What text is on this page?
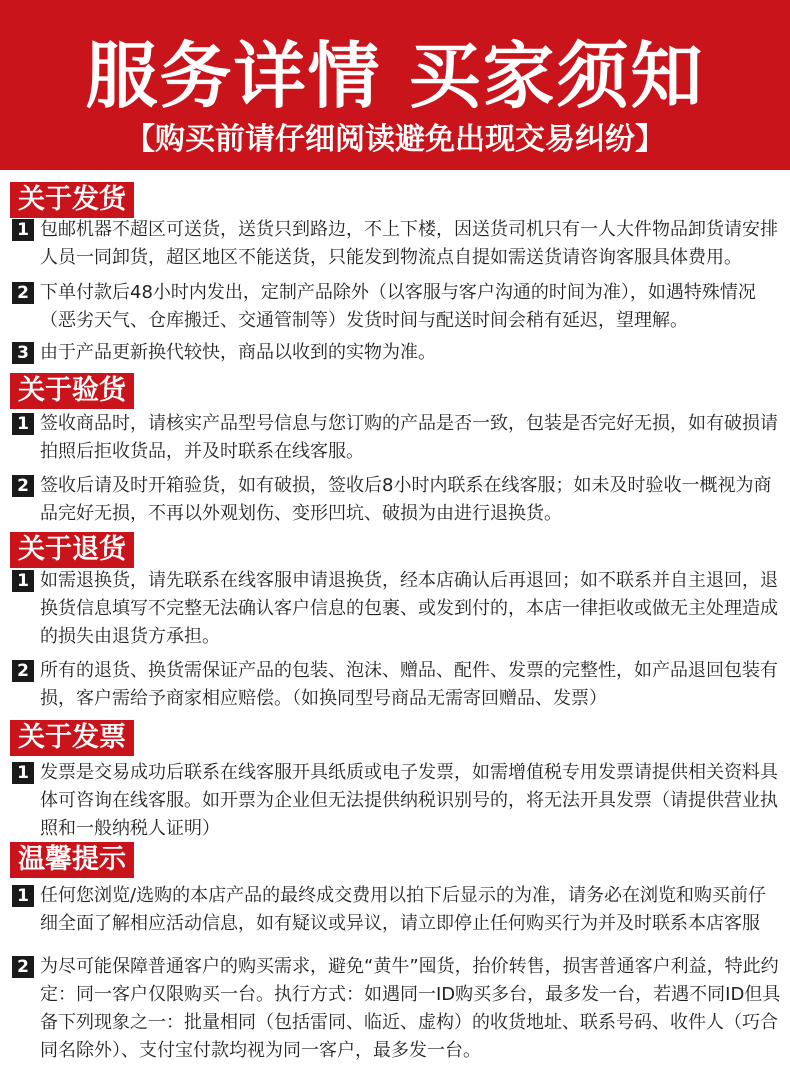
服务详情 买家须知
【购买前请仔细阅读避免出现交易纠纷】
关于发货
1 包邮机器不超区可送货，送货只到路边，不上下楼，因送货司机只有一人大件物品卸货请安排人员一同卸货，超区地区不能送货，只能发到物流点自提如需送货请咨询客服具体费用。
2 下单付款后48小时内发出，定制产品除外（以客服与客户沟通的时间为准），如遇特殊情况（恶劣天气、仓库搬迁、交通管制等）发货时间与配送时间会稍有延迟，望理解。
3 由于产品更新换代较快，商品以收到的实物为准。
关于验货
1 签收商品时，请核实产品型号信息与您订购的产品是否一致，包装是否完好无损，如有破损请拍照后拒收货品，并及时联系在线客服。
2 签收后请及时开箱验货，如有破损，签收后8小时内联系在线客服；如未及时验收一概视为商品完好无损，不再以外观划伤、变形凹坑、破损为由进行退换货。
关于退货
1 如需退换货，请先联系在线客服申请退换货，经本店确认后再退回；如不联系并自主退回，退换货信息填写不完整无法确认客户信息的包裹、或发到付的，本店一律拒收或做无主处理造成的损失由退货方承担。
2 所有的退货、换货需保证产品的包装、泡沫、赠品、配件、发票的完整性，如产品退回包装有损，客户需给予商家相应赔偿。（如换同型号商品无需寄回赠品、发票）
关于发票
1 发票是交易成功后联系在线客服开具纸质或电子发票，如需增值税专用发票请提供相关资料具体可咨询在线客服。如开票为企业但无法提供纳税识别号的，将无法开具发票（请提供营业执照和一般纳税人证明）
温馨提示
1 任何您浏览/选购的本店产品的最终成交费用以拍下后显示的为准，请务必在浏览和购买前仔细全面了解相应活动信息，如有疑议或异议，请立即停止任何购买行为并及时联系本店客服
2 为尽可能保障普通客户的购买需求，避免“黄牛”囤货，抬价转售，损害普通客户利益，特此约定：同一客户仅限购买一台。执行方式：如遇同一ID购买多台，最多发一台，若遇不同ID但具备下列现象之一：批量相同（包括雷同、临近、虚构）的收货地址、联系号码、收件人（巧合同名除外）、支付宝付款均视为同一客户，最多发一台。
